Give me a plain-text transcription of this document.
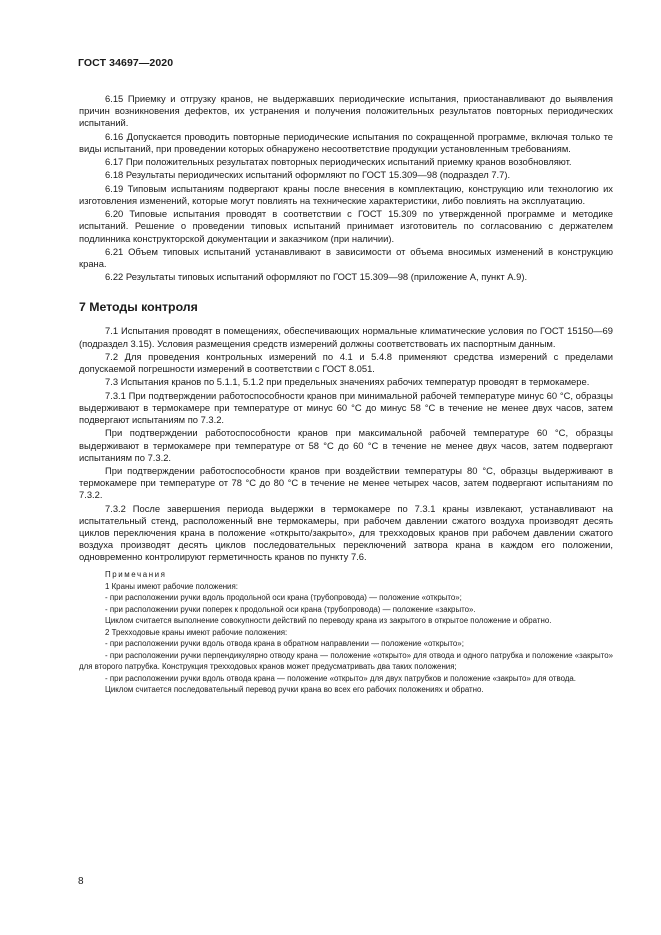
ГОСТ 34697—2020

6.15 Приемку и отгрузку кранов, не выдержавших периодические испытания, приостанавливают до выявления причин возникновения дефектов, их устранения и получения положительных результатов повторных периодических испытаний.

6.16 Допускается проводить повторные периодические испытания по сокращенной программе, включая только те виды испытаний, при проведении которых обнаружено несоответствие продукции установленным требованиям.

6.17 При положительных результатах повторных периодических испытаний приемку кранов возобновляют.

6.18 Результаты периодических испытаний оформляют по ГОСТ 15.309—98 (подраздел 7.7).

6.19 Типовым испытаниям подвергают краны после внесения в комплектацию, конструкцию или технологию их изготовления изменений, которые могут повлиять на технические характеристики, либо повлиять на эксплуатацию.

6.20 Типовые испытания проводят в соответствии с ГОСТ 15.309 по утвержденной программе и методике испытаний. Решение о проведении типовых испытаний принимает изготовитель по согласованию с держателем подлинника конструкторской документации и заказчиком (при наличии).

6.21 Объем типовых испытаний устанавливают в зависимости от объема вносимых изменений в конструкцию крана.

6.22 Результаты типовых испытаний оформляют по ГОСТ 15.309—98 (приложение А, пункт А.9).

7 Методы контроля

7.1 Испытания проводят в помещениях, обеспечивающих нормальные климатические условия по ГОСТ 15150—69 (подраздел 3.15). Условия размещения средств измерений должны соответствовать их паспортным данным.

7.2 Для проведения контрольных измерений по 4.1 и 5.4.8 применяют средства измерений с пределами допускаемой погрешности измерений в соответствии с ГОСТ 8.051.

7.3 Испытания кранов по 5.1.1, 5.1.2 при предельных значениях рабочих температур проводят в термокамере.

7.3.1 При подтверждении работоспособности кранов при минимальной рабочей температуре минус 60 °С, образцы выдерживают в термокамере при температуре от минус 60 °С до минус 58 °С в течение не менее двух часов, затем подвергают испытаниям по 7.3.2.

При подтверждении работоспособности кранов при максимальной рабочей температуре 60 °С, образцы выдерживают в термокамере при температуре от 58 °С до 60 °С в течение не менее двух часов, затем подвергают испытаниям по 7.3.2.

При подтверждении работоспособности кранов при воздействии температуры 80 °С, образцы выдерживают в термокамере при температуре от 78 °С до 80 °С в течение не менее четырех часов, затем подвергают испытаниям по 7.3.2.

7.3.2 После завершения периода выдержки в термокамере по 7.3.1 краны извлекают, устанавливают на испытательный стенд, расположенный вне термокамеры, при рабочем давлении сжатого воздуха производят десять циклов переключения крана в положение «открыто/закрыто», для трехходовых кранов при рабочем давлении сжатого воздуха производят десять циклов последовательных переключений затвора крана в каждом его положении, одновременно контролируют герметичность кранов по пункту 7.6.

Примечания

1 Краны имеют рабочие положения:

- при расположении ручки вдоль продольной оси крана (трубопровода) — положение «открыто»;

- при расположении ручки поперек к продольной оси крана (трубопровода) — положение «закрыто».

Циклом считается выполнение совокупности действий по переводу крана из закрытого в открытое положение и обратно.

2 Трехходовые краны имеют рабочие положения:

- при расположении ручки вдоль отвода крана в обратном направлении — положение «открыто»;

- при расположении ручки перпендикулярно отводу крана — положение «открыто» для отвода и одного патрубка и положение «закрыто» для второго патрубка. Конструкция трехходовых кранов может предусматривать два таких положения;

- при расположении ручки вдоль отвода крана — положение «открыто» для двух патрубков и положение «закрыто» для отвода.

Циклом считается последовательный перевод ручки крана во всех его рабочих положениях и обратно.

8
